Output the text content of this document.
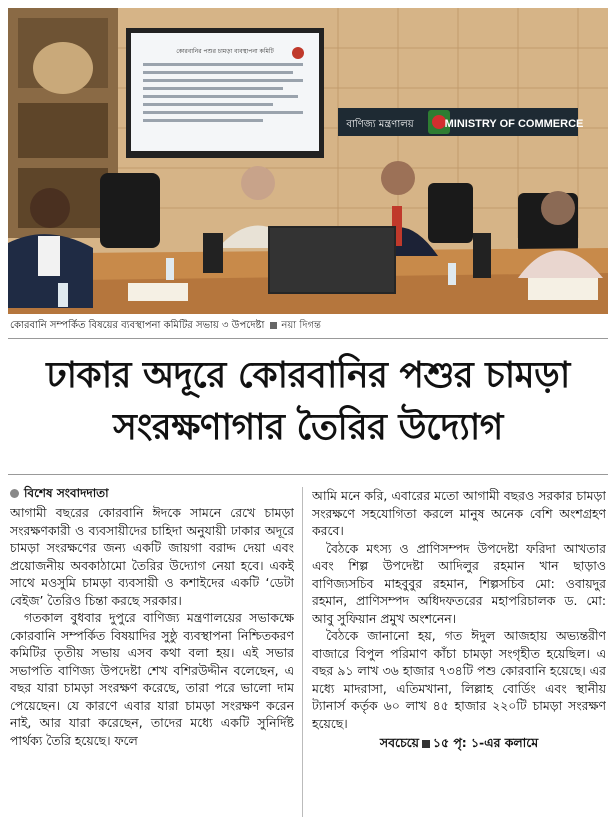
কোরবানির পশুর চামড়া ব্যবস্থাপনা কমিটি
বাণিজ্য মন্ত্রণালয়	MINISTRY OF COMMERCE
কোরবানি সম্পর্কিত বিষয়ের ব্যবস্থাপনা কমিটির সভায় ৩ উপদেষ্টা নয়া দিগন্ত
ঢাকার অদূরে কোরবানির পশুর চামড়া
সংরক্ষণাগার তৈরির উদ্যোগ
বিশেষ সংবাদদাতা

আগামী বছরের কোরবানি ঈদকে সামনে রেখে চামড়া সংরক্ষণকারী ও ব্যবসায়ীদের চাহিদা অনুযায়ী ঢাকার অদূরে চামড়া সংরক্ষণের জন্য একটি জায়গা বরাদ্দ দেয়া এবং প্রয়োজনীয় অবকাঠামো তৈরির উদ্যোগ নেয়া হবে। একই সাথে মওসুমি চামড়া ব্যবসায়ী ও কশাইদের একটি ‘ডেটা বেইজ’ তৈরিও চিন্তা করছে সরকার।

গতকাল বুধবার দুপুরে বাণিজ্য মন্ত্রণালয়ের সভাকক্ষে কোরবানি সম্পর্কিত বিষয়াদির সুষ্ঠু ব্যবস্থাপনা নিশ্চিতকরণ কমিটির তৃতীয় সভায় এসব কথা বলা হয়। এই সভার সভাপতি বাণিজ্য উপদেষ্টা শেখ বশিরউদ্দীন বলেছেন, এ বছর যারা চামড়া সংরক্ষণ করেছে, তারা পরে ভালো দাম পেয়েছেন। যে কারণে এবার যারা চামড়া সংরক্ষণ করেন নাই, আর যারা করেছেন, তাদের মধ্যে একটি সুনির্দিষ্ট পার্থক্য তৈরি হয়েছে। ফলে

আমি মনে করি, এবারের মতো আগামী বছরও সরকার চামড়া সংরক্ষণে সহযোগিতা করলে মানুষ অনেক বেশি অংশগ্রহণ করবে।

বৈঠকে মৎস্য ও প্রাণিসম্পদ উপদেষ্টা ফরিদা আখতার এবং শিল্প উপদেষ্টা আদিলুর রহমান খান ছাড়াও বাণিজ্যসচিব মাহবুবুর রহমান, শিল্পসচিব মো: ওবায়দুর রহমান, প্রাণিসম্পদ অধিদফতরের মহাপরিচালক ড. মো: আবু সুফিয়ান প্রমুখ অংশনেন।

বৈঠকে জানানো হয়, গত ঈদুল আজহায় অভ্যন্তরীণ বাজারে বিপুল পরিমাণ কাঁচা চামড়া সংগৃহীত হয়েছিল। এ বছর ৯১ লাখ ৩৬ হাজার ৭৩৪টি পশু কোরবানি হয়েছে। এর মধ্যে মাদরাসা, এতিমখানা, লিল্লাহ বোর্ডিং এবং স্থানীয় ট্যানার্স কর্তৃক ৬০ লাখ ৪৫ হাজার ২২০টি চামড়া সংরক্ষণ হয়েছে।

সবচেয়ে ১৫ পৃ: ১-এর কলামে
